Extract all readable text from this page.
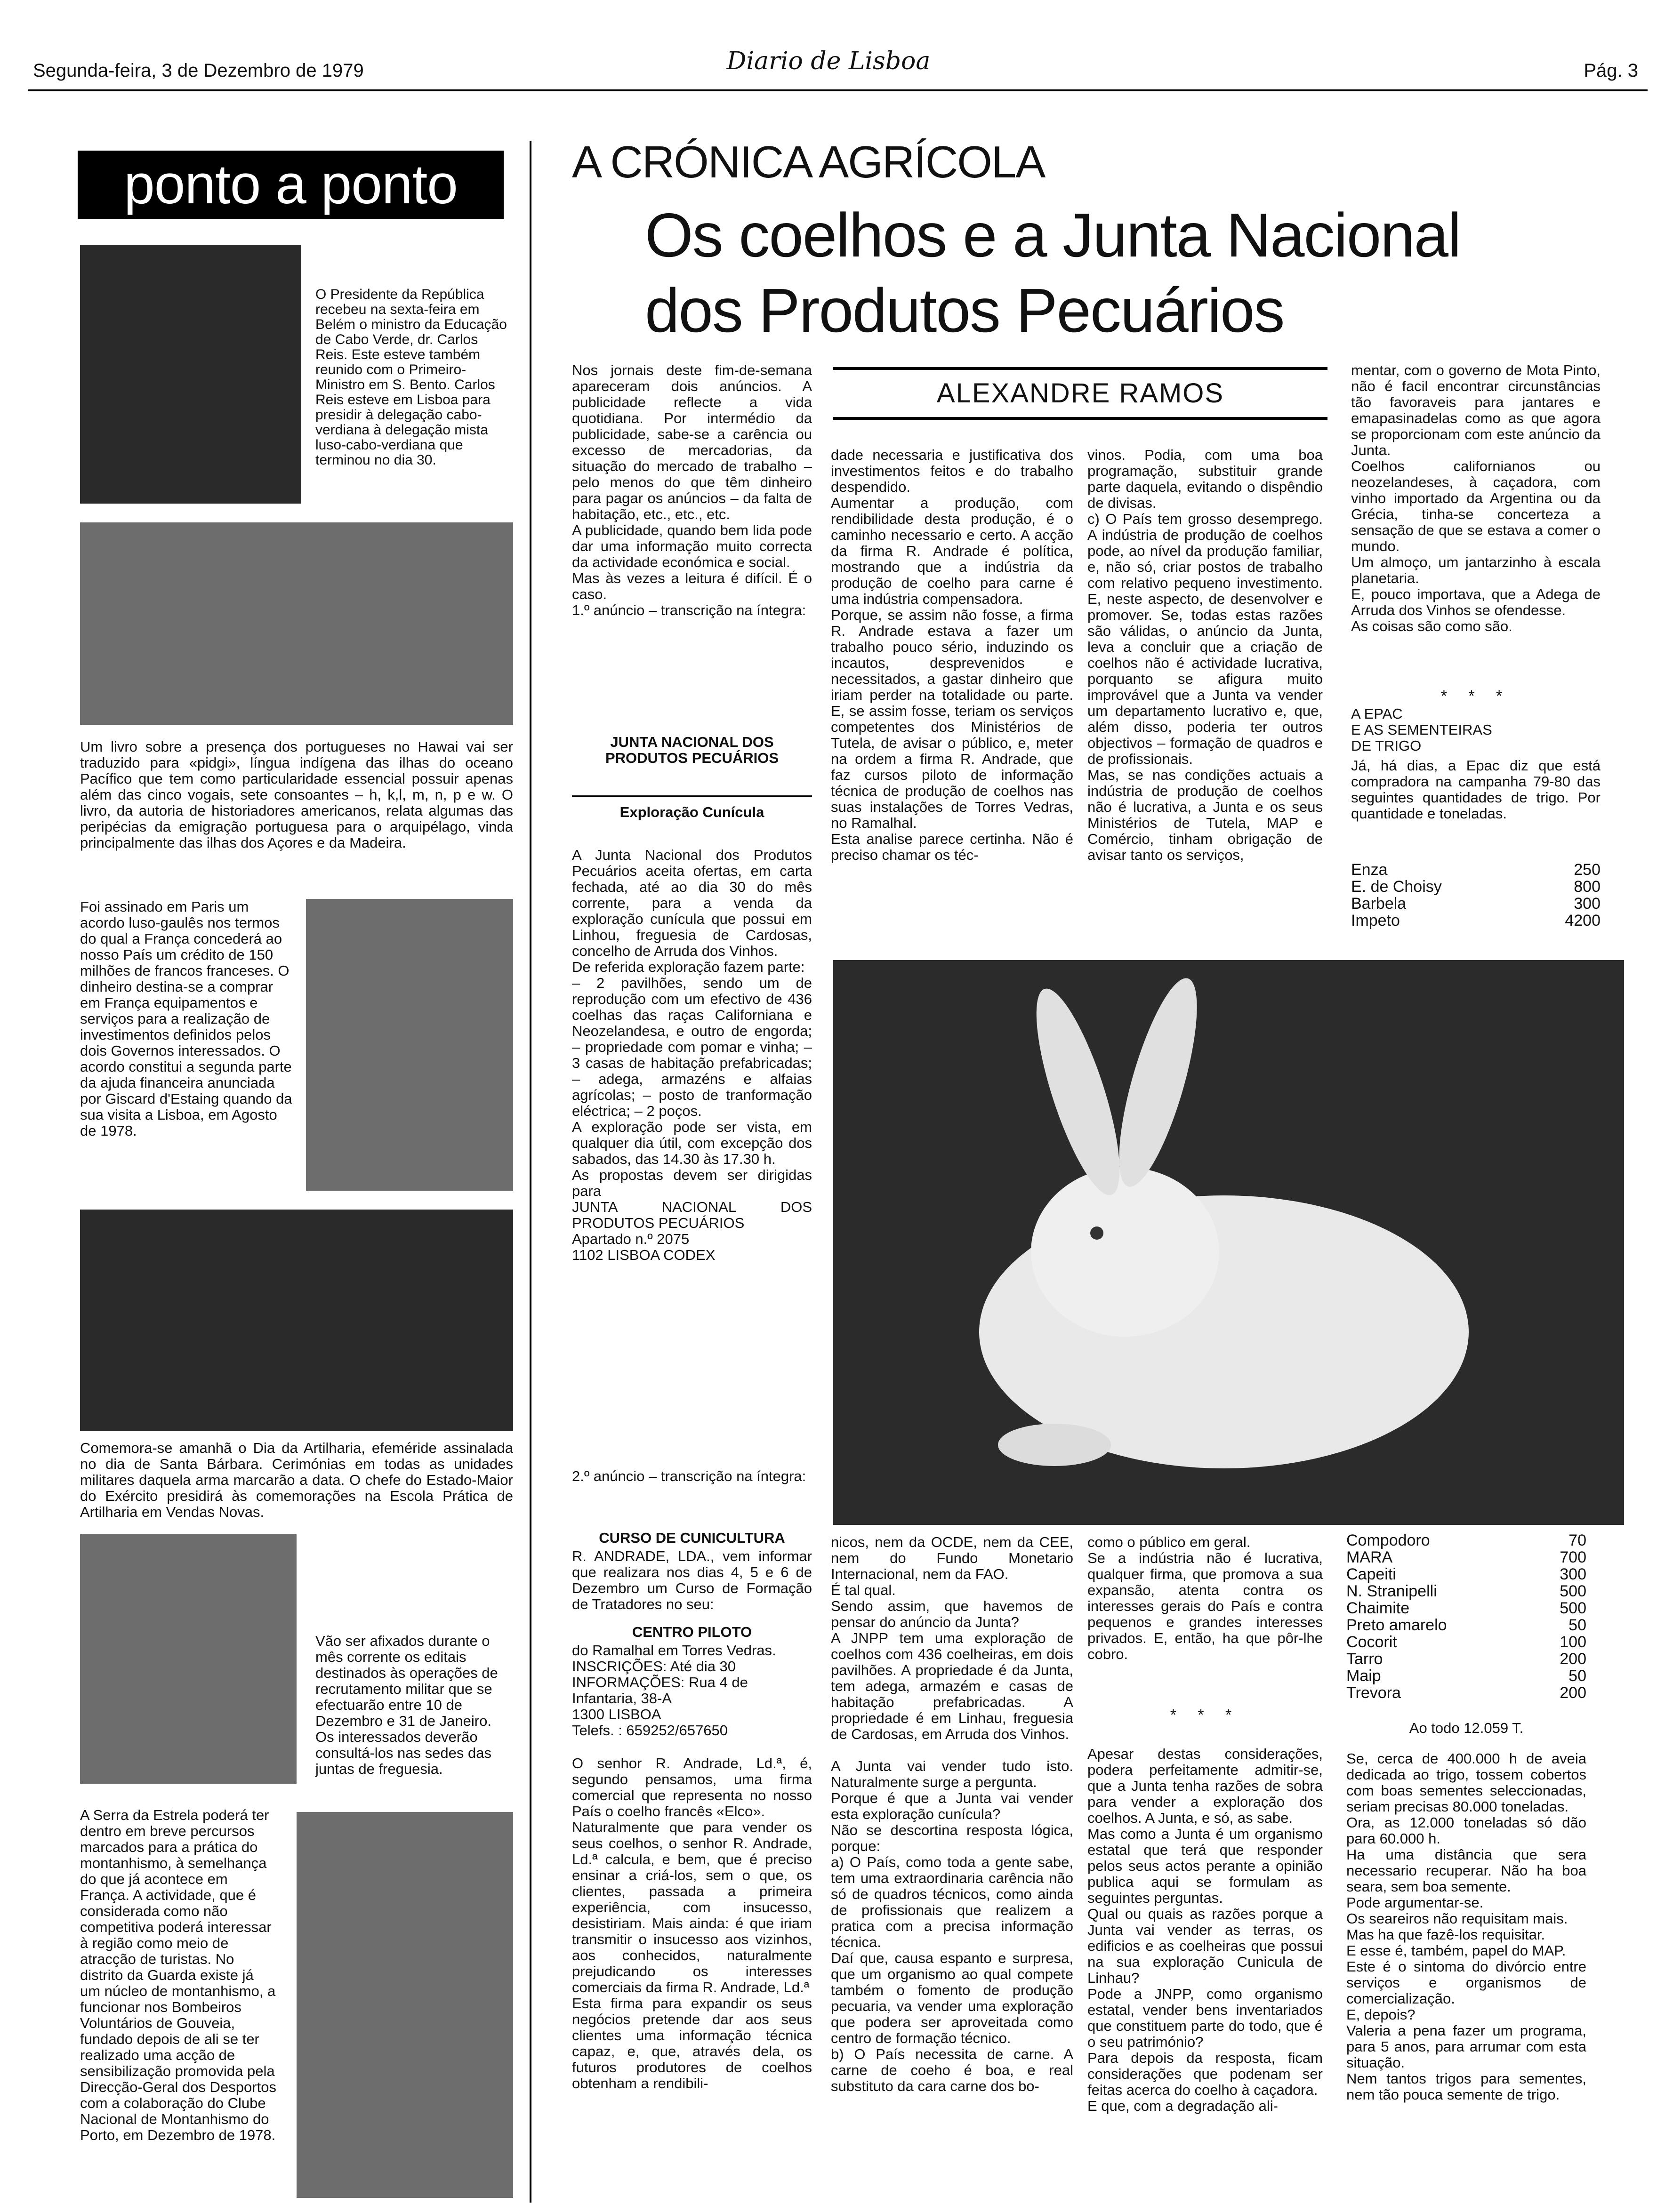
Segunda-feira, 3 de Dezembro de 1979	Diario de Lisboa	Pág. 3
ponto a ponto
O Presidente da República recebeu na sexta-feira em Belém o ministro da Educação de Cabo Verde, dr. Carlos Reis. Este esteve também reunido com o Primeiro-Ministro em S. Bento. Carlos Reis esteve em Lisboa para presidir à delegação cabo-verdiana à delegação mista luso-cabo-verdiana que terminou no dia 30.
Um livro sobre a presença dos portugueses no Hawai vai ser traduzido para «pidgi», língua indígena das ilhas do oceano Pacífico que tem como particularidade essencial possuir apenas além das cinco vogais, sete consoantes – h, k,l, m, n, p e w. O livro, da autoria de historiadores americanos, relata algumas das peripécias da emigração portuguesa para o arquipélago, vinda principalmente das ilhas dos Açores e da Madeira.
Foi assinado em Paris um acordo luso-gaulês nos termos do qual a França concederá ao nosso País um crédito de 150 milhões de francos franceses. O dinheiro destina-se a comprar em França equipamentos e serviços para a realização de investimentos definidos pelos dois Governos interessados. O acordo constitui a segunda parte da ajuda financeira anunciada por Giscard d'Estaing quando da sua visita a Lisboa, em Agosto de 1978.
Comemora-se amanhã o Dia da Artilharia, efeméride assinalada no dia de Santa Bárbara. Cerimónias em todas as unidades militares daquela arma marcarão a data. O chefe do Estado-Maior do Exército presidirá às comemorações na Escola Prática de Artilharia em Vendas Novas.
Vão ser afixados durante o mês corrente os editais destinados às operações de recrutamento militar que se efectuarão entre 10 de Dezembro e 31 de Janeiro. Os interessados deverão consultá-los nas sedes das juntas de freguesia.
A Serra da Estrela poderá ter dentro em breve percursos marcados para a prática do montanhismo, à semelhança do que já acontece em França. A actividade, que é considerada como não competitiva poderá interessar à região como meio de atracção de turistas. No distrito da Guarda existe já um núcleo de montanhismo, a funcionar nos Bombeiros Voluntários de Gouveia, fundado depois de ali se ter realizado uma acção de sensibilização promovida pela Direcção-Geral dos Desportos com a colaboração do Clube Nacional de Montanhismo do Porto, em Dezembro de 1978.
A CRÓNICA AGRÍCOLA
Os coelhos e a Junta Nacional
dos Produtos Pecuários
ALEXANDRE RAMOS
Nos jornais deste fim-de-semana apareceram dois anúncios. A publicidade reflecte a vida quotidiana. Por intermédio da publicidade, sabe-se a carência ou excesso de mercadorias, da situação do mercado de trabalho – pelo menos do que têm dinheiro para pagar os anúncios – da falta de habitação, etc., etc., etc.
A publicidade, quando bem lida pode dar uma informação muito correcta da actividade económica e social.
Mas às vezes a leitura é difícil. É o caso.
1.º anúncio – transcrição na íntegra:
JUNTA NACIONAL DOS PRODUTOS PECUÁRIOS
Exploração Cunícula
A Junta Nacional dos Produtos Pecuários aceita ofertas, em carta fechada, até ao dia 30 do mês corrente, para a venda da exploração cunícula que possui em Linhou, freguesia de Cardosas, concelho de Arruda dos Vinhos.
De referida exploração fazem parte:
– 2 pavilhões, sendo um de reprodução com um efectivo de 436 coelhas das raças Californiana e Neozelandesa, e outro de engorda; – propriedade com pomar e vinha; – 3 casas de habitação prefabricadas; – adega, armazéns e alfaias agrícolas; – posto de tranformação eléctrica; – 2 poços.
A exploração pode ser vista, em qualquer dia útil, com excepção dos sabados, das 14.30 às 17.30 h.
As propostas devem ser dirigidas para
JUNTA NACIONAL DOS PRODUTOS PECUÁRIOS
Apartado n.º 2075
1102 LISBOA CODEX
2.º anúncio – transcrição na íntegra:
CURSO DE CUNICULTURA
R. ANDRADE, LDA., vem informar que realizara nos dias 4, 5 e 6 de Dezembro um Curso de Formação de Tratadores no seu:
CENTRO PILOTO
do Ramalhal em Torres Vedras.
INSCRIÇÕES: Até dia 30
INFORMAÇÕES: Rua 4 de Infantaria, 38-A
1300 LISBOA
Telefs. : 659252/657650
O senhor R. Andrade, Ld.ª, é, segundo pensamos, uma firma comercial que representa no nosso País o coelho francês «Elco».
Naturalmente que para vender os seus coelhos, o senhor R. Andrade, Ld.ª calcula, e bem, que é preciso ensinar a criá-los, sem o que, os clientes, passada a primeira experiência, com insucesso, desistiriam. Mais ainda: é que iriam transmitir o insucesso aos vizinhos, aos conhecidos, naturalmente prejudicando os interesses comerciais da firma R. Andrade, Ld.ª
Esta firma para expandir os seus negócios pretende dar aos seus clientes uma informação técnica capaz, e, que, através dela, os futuros produtores de coelhos obtenham a rendibili-
dade necessaria e justificativa dos investimentos feitos e do trabalho despendido.
Aumentar a produção, com rendibilidade desta produção, é o caminho necessario e certo. A acção da firma R. Andrade é política, mostrando que a indústria da produção de coelho para carne é uma indústria compensadora.
Porque, se assim não fosse, a firma R. Andrade estava a fazer um trabalho pouco sério, induzindo os incautos, desprevenidos e necessitados, a gastar dinheiro que iriam perder na totalidade ou parte. E, se assim fosse, teriam os serviços competentes dos Ministérios de Tutela, de avisar o público, e, meter na ordem a firma R. Andrade, que faz cursos piloto de informação técnica de produção de coelhos nas suas instalações de Torres Vedras, no Ramalhal.
Esta analise parece certinha. Não é preciso chamar os téc-
vinos. Podia, com uma boa programação, substituir grande parte daquela, evitando o dispêndio de divisas.
c) O País tem grosso desemprego. A indústria de produção de coelhos pode, ao nível da produção familiar, e, não só, criar postos de trabalho com relativo pequeno investimento. E, neste aspecto, de desenvolver e promover. Se, todas estas razões são válidas, o anúncio da Junta, leva a concluir que a criação de coelhos não é actividade lucrativa, porquanto se afigura muito improvável que a Junta va vender um departamento lucrativo e, que, além disso, poderia ter outros objectivos – formação de quadros e de profissionais.
Mas, se nas condições actuais a indústria de produção de coelhos não é lucrativa, a Junta e os seus Ministérios de Tutela, MAP e Comércio, tinham obrigação de avisar tanto os serviços,
mentar, com o governo de Mota Pinto, não é facil encontrar circunstâncias tão favoraveis para jantares e emapasinadelas como as que agora se proporcionam com este anúncio da Junta.
Coelhos californianos ou neozelandeses, à caçadora, com vinho importado da Argentina ou da Grécia, tinha-se concerteza a sensação de que se estava a comer o mundo.
Um almoço, um jantarzinho à escala planetaria.
E, pouco importava, que a Adega de Arruda dos Vinhos se ofendesse.
As coisas são como são.
* * *
A EPAC
E AS SEMENTEIRAS
DE TRIGO
Já, há dias, a Epac diz que está compradora na campanha 79-80 das seguintes quantidades de trigo. Por quantidade e toneladas.
Enza	250
E. de Choisy	800
Barbela	300
Impeto	4200
nicos, nem da OCDE, nem da CEE, nem do Fundo Monetario Internacional, nem da FAO.
É tal qual.
Sendo assim, que havemos de pensar do anúncio da Junta?
A JNPP tem uma exploração de coelhos com 436 coelheiras, em dois pavilhões. A propriedade é da Junta, tem adega, armazém e casas de habitação prefabricadas. A propriedade é em Linhau, freguesia de Cardosas, em Arruda dos Vinhos.

A Junta vai vender tudo isto. Naturalmente surge a pergunta.
Porque é que a Junta vai vender esta exploração cunícula?
Não se descortina resposta lógica, porque:
a) O País, como toda a gente sabe, tem uma extraordinaria carência não só de quadros técnicos, como ainda de profissionais que realizem a pratica com a precisa informação técnica.
Daí que, causa espanto e surpresa, que um organismo ao qual compete também o fomento de produção pecuaria, va vender uma exploração que podera ser aproveitada como centro de formação técnico.
b) O País necessita de carne. A carne de coeho é boa, e real substituto da cara carne dos bo-
como o público em geral.
Se a indústria não é lucrativa, qualquer firma, que promova a sua expansão, atenta contra os interesses gerais do País e contra pequenos e grandes interesses privados. E, então, ha que pôr-lhe cobro.
* * *
Apesar destas considerações, podera perfeitamente admitir-se, que a Junta tenha razões de sobra para vender a exploração dos coelhos. A Junta, e só, as sabe.
Mas como a Junta é um organismo estatal que terá que responder pelos seus actos perante a opinião publica aqui se formulam as seguintes perguntas.
Qual ou quais as razões porque a Junta vai vender as terras, os edificios e as coelheiras que possui na sua exploração Cunicula de Linhau?
Pode a JNPP, como organismo estatal, vender bens inventariados que constituem parte do todo, que é o seu património?
Para depois da resposta, ficam considerações que podenam ser feitas acerca do coelho à caçadora.
E que, com a degradação ali-
Compodoro	70
MARA	700
Capeiti	300
N. Stranipelli	500
Chaimite	500
Preto amarelo	50
Cocorit	100
Tarro	200
Maip	50
Trevora	200
Ao todo 12.059 T.
Se, cerca de 400.000 h de aveia dedicada ao trigo, tossem cobertos com boas sementes seleccionadas, seriam precisas 80.000 toneladas.
Ora, as 12.000 toneladas só dão para 60.000 h.
Ha uma distância que sera necessario recuperar. Não ha boa seara, sem boa semente.
Pode argumentar-se.
Os seareiros não requisitam mais.
Mas ha que fazê-los requisitar.
E esse é, também, papel do MAP.
Este é o sintoma do divórcio entre serviços e organismos de comercialização.
E, depois?
Valeria a pena fazer um programa, para 5 anos, para arrumar com esta situação.
Nem tantos trigos para sementes, nem tão pouca semente de trigo.
